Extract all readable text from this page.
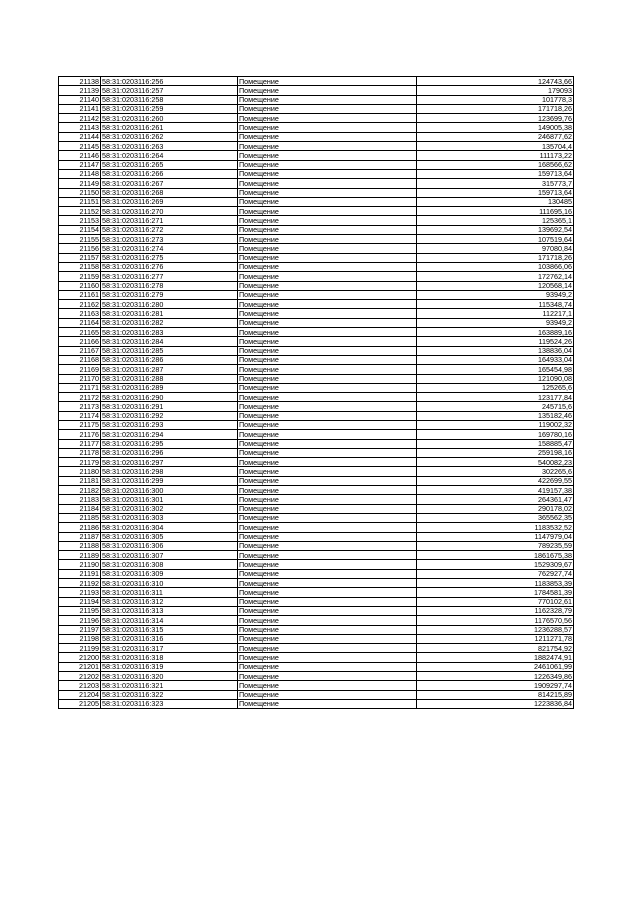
21138	58:31:0203116:256	Помещение	124743,66
21139	58:31:0203116:257	Помещение	179093
21140	58:31:0203116:258	Помещение	101778,3
21141	58:31:0203116:259	Помещение	171718,26
21142	58:31:0203116:260	Помещение	123699,76
21143	58:31:0203116:261	Помещение	149005,38
21144	58:31:0203116:262	Помещение	246877,62
21145	58:31:0203116:263	Помещение	135704,4
21146	58:31:0203116:264	Помещение	111173,22
21147	58:31:0203116:265	Помещение	168566,62
21148	58:31:0203116:266	Помещение	159713,64
21149	58:31:0203116:267	Помещение	315773,7
21150	58:31:0203116:268	Помещение	159713,64
21151	58:31:0203116:269	Помещение	130485
21152	58:31:0203116:270	Помещение	111695,16
21153	58:31:0203116:271	Помещение	125365,1
21154	58:31:0203116:272	Помещение	139692,54
21155	58:31:0203116:273	Помещение	107519,64
21156	58:31:0203116:274	Помещение	97080,84
21157	58:31:0203116:275	Помещение	171718,26
21158	58:31:0203116:276	Помещение	103866,06
21159	58:31:0203116:277	Помещение	172762,14
21160	58:31:0203116:278	Помещение	120568,14
21161	58:31:0203116:279	Помещение	93949,2
21162	58:31:0203116:280	Помещение	115348,74
21163	58:31:0203116:281	Помещение	112217,1
21164	58:31:0203116:282	Помещение	93949,2
21165	58:31:0203116:283	Помещение	163889,16
21166	58:31:0203116:284	Помещение	119524,26
21167	58:31:0203116:285	Помещение	138836,04
21168	58:31:0203116:286	Помещение	164933,04
21169	58:31:0203116:287	Помещение	165454,98
21170	58:31:0203116:288	Помещение	121090,08
21171	58:31:0203116:289	Помещение	125265,6
21172	58:31:0203116:290	Помещение	123177,84
21173	58:31:0203116:291	Помещение	245715,6
21174	58:31:0203116:292	Помещение	135182,46
21175	58:31:0203116:293	Помещение	119002,32
21176	58:31:0203116:294	Помещение	169780,16
21177	58:31:0203116:295	Помещение	158885,47
21178	58:31:0203116:296	Помещение	259198,16
21179	58:31:0203116:297	Помещение	540082,23
21180	58:31:0203116:298	Помещение	302265,6
21181	58:31:0203116:299	Помещение	422699,55
21182	58:31:0203116:300	Помещение	419157,38
21183	58:31:0203116:301	Помещение	264361,47
21184	58:31:0203116:302	Помещение	290178,02
21185	58:31:0203116:303	Помещение	365562,35
21186	58:31:0203116:304	Помещение	1183532,52
21187	58:31:0203116:305	Помещение	1147979,04
21188	58:31:0203116:306	Помещение	789235,59
21189	58:31:0203116:307	Помещение	1861675,38
21190	58:31:0203116:308	Помещение	1529309,67
21191	58:31:0203116:309	Помещение	762927,74
21192	58:31:0203116:310	Помещение	1183853,39
21193	58:31:0203116:311	Помещение	1784581,39
21194	58:31:0203116:312	Помещение	770102,61
21195	58:31:0203116:313	Помещение	1162328,79
21196	58:31:0203116:314	Помещение	1176570,56
21197	58:31:0203116:315	Помещение	1236288,57
21198	58:31:0203116:316	Помещение	1211271,78
21199	58:31:0203116:317	Помещение	821754,92
21200	58:31:0203116:318	Помещение	1882474,91
21201	58:31:0203116:319	Помещение	2461061,99
21202	58:31:0203116:320	Помещение	1226349,86
21203	58:31:0203116:321	Помещение	1909297,74
21204	58:31:0203116:322	Помещение	814215,89
21205	58:31:0203116:323	Помещение	1223836,84
